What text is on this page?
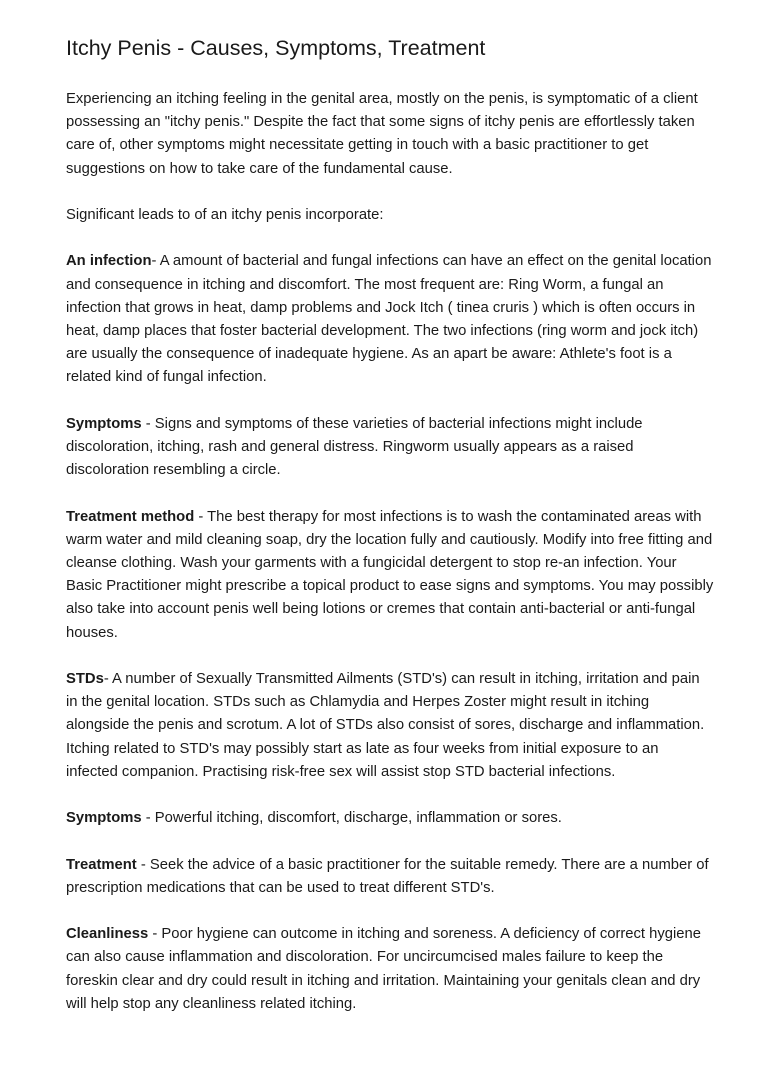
Itchy Penis - Causes, Symptoms, Treatment

Experiencing an itching feeling in the genital area, mostly on the penis, is symptomatic of a client possessing an "itchy penis." Despite the fact that some signs of itchy penis are effortlessly taken care of, other symptoms might necessitate getting in touch with a basic practitioner to get suggestions on how to take care of the fundamental cause.

Significant leads to of an itchy penis incorporate:

An infection- A amount of bacterial and fungal infections can have an effect on the genital location and consequence in itching and discomfort. The most frequent are: Ring Worm, a fungal an infection that grows in heat, damp problems and Jock Itch ( tinea cruris ) which is often occurs in heat, damp places that foster bacterial development. The two infections (ring worm and jock itch) are usually the consequence of inadequate hygiene. As an apart be aware: Athlete's foot is a related kind of fungal infection.

Symptoms - Signs and symptoms of these varieties of bacterial infections might include discoloration, itching, rash and general distress. Ringworm usually appears as a raised discoloration resembling a circle.

Treatment method - The best therapy for most infections is to wash the contaminated areas with warm water and mild cleaning soap, dry the location fully and cautiously. Modify into free fitting and cleanse clothing. Wash your garments with a fungicidal detergent to stop re-an infection. Your Basic Practitioner might prescribe a topical product to ease signs and symptoms. You may possibly also take into account penis well being lotions or cremes that contain anti-bacterial or anti-fungal houses.

STDs- A number of Sexually Transmitted Ailments (STD's) can result in itching, irritation and pain in the genital location. STDs such as Chlamydia and Herpes Zoster might result in itching alongside the penis and scrotum. A lot of STDs also consist of sores, discharge and inflammation. Itching related to STD's may possibly start as late as four weeks from initial exposure to an infected companion. Practising risk-free sex will assist stop STD bacterial infections.

Symptoms - Powerful itching, discomfort, discharge, inflammation or sores.

Treatment - Seek the advice of a basic practitioner for the suitable remedy. There are a number of prescription medications that can be used to treat different STD's.

Cleanliness - Poor hygiene can outcome in itching and soreness. A deficiency of correct hygiene can also cause inflammation and discoloration. For uncircumcised males failure to keep the foreskin clear and dry could result in itching and irritation. Maintaining your genitals clean and dry will help stop any cleanliness related itching.
